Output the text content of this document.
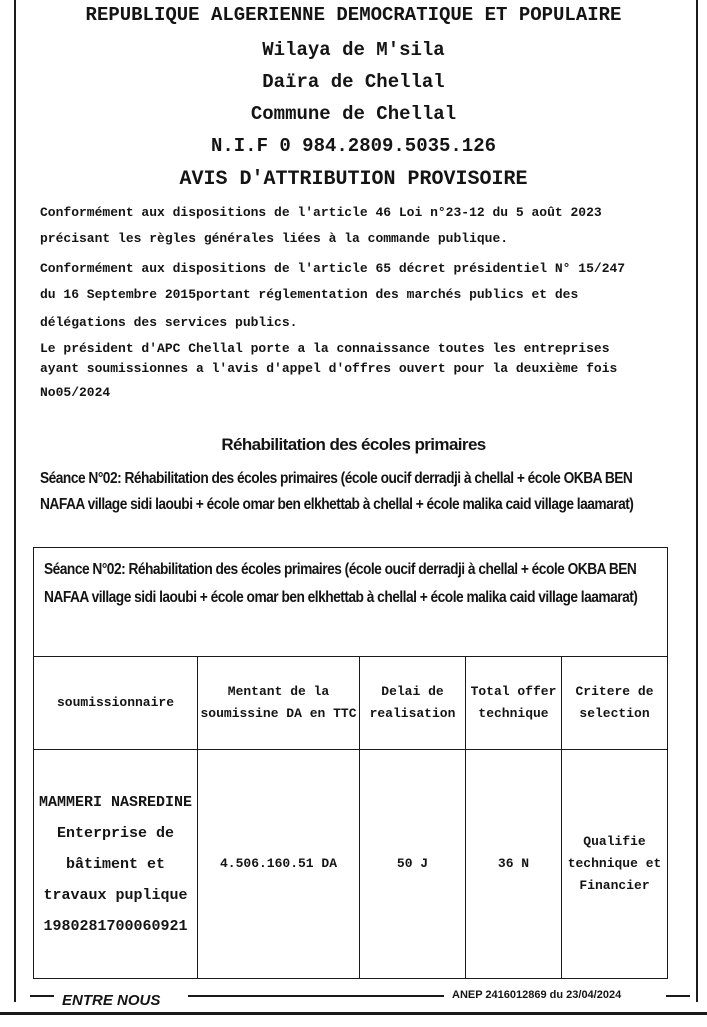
REPUBLIQUE ALGERIENNE DEMOCRATIQUE ET POPULAIRE
Wilaya de M'sila
Daïra de Chellal
Commune de Chellal
N.I.F 0 984.2809.5035.126
AVIS D'ATTRIBUTION PROVISOIRE
Conformément aux dispositions de l'article 46 Loi n°23-12 du 5 août 2023
précisant les règles générales liées à la commande publique.
Conformément aux dispositions de l'article 65 décret présidentiel N° 15/247
du 16 Septembre 2015portant réglementation des marchés publics et des
délégations des services publics.
Le président d'APC Chellal porte a la connaissance toutes les entreprises
ayant soumissionnes a l'avis d'appel d'offres ouvert pour la deuxième fois
No05/2024
Réhabilitation des écoles primaires
Séance N°02: Réhabilitation des écoles primaires (école oucif derradji à chellal + école OKBA BEN NAFAA village sidi laoubi + école omar ben elkhettab à chellal + école malika caid village laamarat)
Séance N°02: Réhabilitation des écoles primaires (école oucif derradji à chellal + école OKBA BEN NAFAA village sidi laoubi + école omar ben elkhettab à chellal + école malika caid village laamarat)				

soumissionnaire	Mentant de la soumissine DA en TTC	Delai de realisation	Total offer technique	Critere de selection
MAMMERI NASREDINE Enterprise de bâtiment et travaux puplique 1980281700060921	4.506.160.51 DA	50 J	36 N	Qualifie technique et Financier
ENTRE NOUS	ANEP 2416012869 du 23/04/2024
